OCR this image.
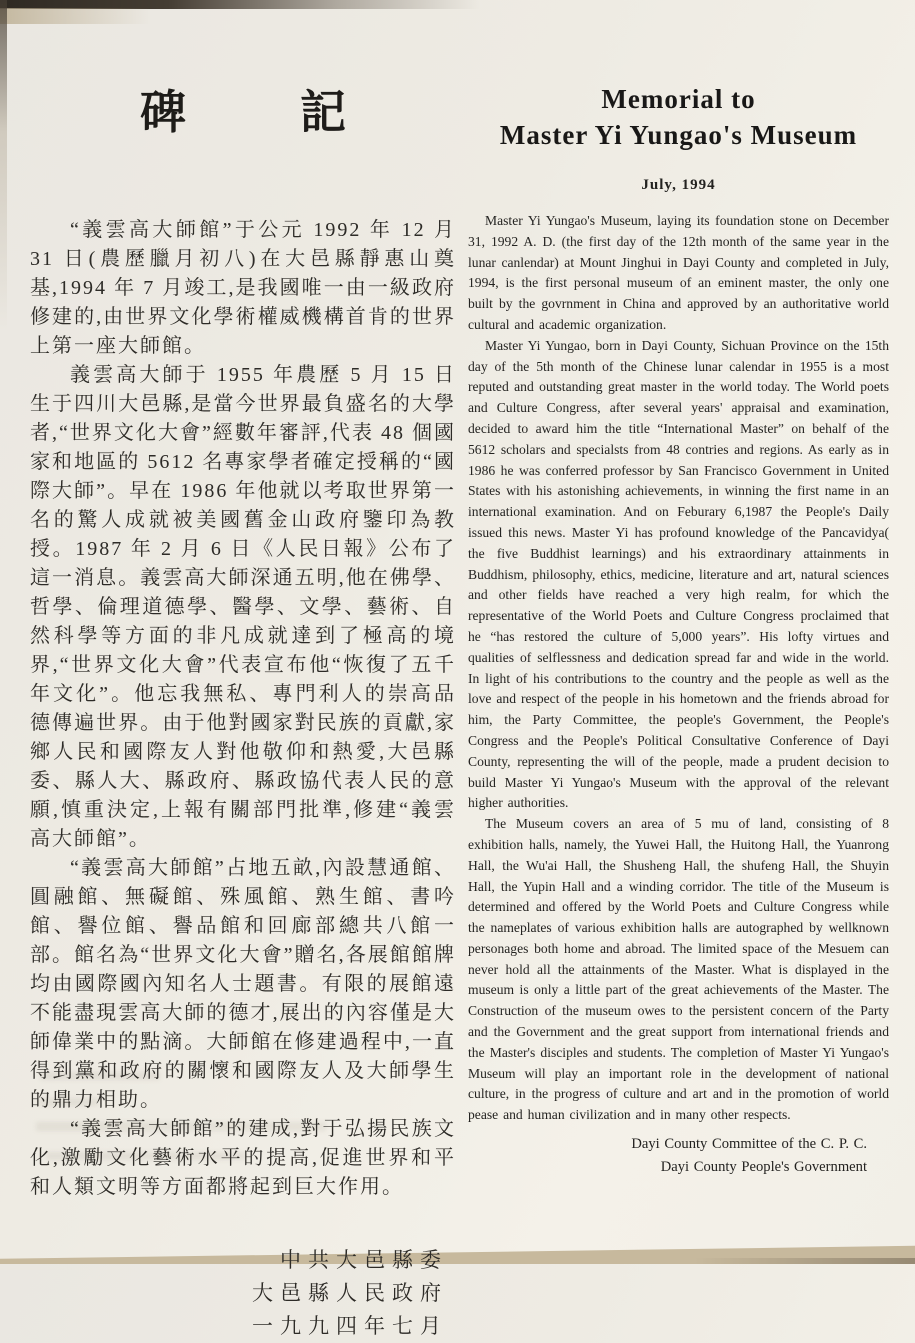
碑　記

“義雲高大師館”于公元 1992 年 12 月 31 日(農歷臘月初八)在大邑縣靜惠山奠基,1994 年 7 月竣工,是我國唯一由一級政府修建的,由世界文化學術權威機構首肯的世界上第一座大師館。

義雲高大師于 1955 年農歷 5 月 15 日生于四川大邑縣,是當今世界最負盛名的大學者,“世界文化大會”經數年審評,代表 48 個國家和地區的 5612 名專家學者確定授稱的“國際大師”。早在 1986 年他就以考取世界第一名的驚人成就被美國舊金山政府鑒印為教授。1987 年 2 月 6 日《人民日報》公布了這一消息。義雲高大師深通五明,他在佛學、哲學、倫理道德學、醫學、文學、藝術、自然科學等方面的非凡成就達到了極高的境界,“世界文化大會”代表宣布他“恢復了五千年文化”。他忘我無私、專門利人的崇高品德傳遍世界。由于他對國家對民族的貢獻,家鄉人民和國際友人對他敬仰和熱愛,大邑縣委、縣人大、縣政府、縣政協代表人民的意願,慎重決定,上報有關部門批準,修建“義雲高大師館”。

“義雲高大師館”占地五畝,內設慧通館、圓融館、無礙館、殊風館、熟生館、書吟館、譽位館、譽品館和回廊部總共八館一部。館名為“世界文化大會”贈名,各展館館牌均由國際國內知名人士題書。有限的展館遠不能盡現雲高大師的德才,展出的內容僅是大師偉業中的點滴。大師館在修建過程中,一直得到黨和政府的關懷和國際友人及大師學生的鼎力相助。

“義雲高大師館”的建成,對于弘揚民族文化,激勵文化藝術水平的提高,促進世界和平和人類文明等方面都將起到巨大作用。

中共大邑縣委
大邑縣人民政府
一九九四年七月
Memorial to
Master Yi Yungao's Museum
July, 1994

Master Yi Yungao's Museum, laying its foundation stone on December 31, 1992 A. D. (the first day of the 12th month of the same year in the lunar canlendar) at Mount Jinghui in Dayi County and completed in July, 1994, is the first personal museum of an eminent master, the only one built by the govrnment in China and approved by an authoritative world cultural and academic organization.

Master Yi Yungao, born in Dayi County, Sichuan Province on the 15th day of the 5th month of the Chinese lunar calendar in 1955 is a most reputed and outstanding great master in the world today. The World poets and Culture Congress, after several years' appraisal and examination, decided to award him the title “International Master” on behalf of the 5612 scholars and specialsts from 48 contries and regions. As early as in 1986 he was conferred professor by San Francisco Government in United States with his astonishing achievements, in winning the first name in an international examination. And on Feburary 6,1987 the People's Daily issued this news. Master Yi has profound knowledge of the Pancavidya( the five Buddhist learnings) and his extraordinary attainments in Buddhism, philosophy, ethics, medicine, literature and art, natural sciences and other fields have reached a very high realm, for which the representative of the World Poets and Culture Congress proclaimed that he “has restored the culture of 5,000 years”. His lofty virtues and qualities of selflessness and dedication spread far and wide in the world. In light of his contributions to the country and the people as well as the love and respect of the people in his hometown and the friends abroad for him, the Party Committee, the people's Government, the People's Congress and the People's Political Consultative Conference of Dayi County, representing the will of the people, made a prudent decision to build Master Yi Yungao's Museum with the approval of the relevant higher authorities.

The Museum covers an area of 5 mu of land, consisting of 8 exhibition halls, namely, the Yuwei Hall, the Huitong Hall, the Yuanrong Hall, the Wu'ai Hall, the Shusheng Hall, the shufeng Hall, the Shuyin Hall, the Yupin Hall and a winding corridor. The title of the Museum is determined and offered by the World Poets and Culture Congress while the nameplates of various exhibition halls are autographed by wellknown personages both home and abroad. The limited space of the Mesuem can never hold all the attainments of the Master. What is displayed in the museum is only a little part of the great achievements of the Master. The Construction of the museum owes to the persistent concern of the Party and the Government and the great support from international friends and the Master's disciples and students. The completion of Master Yi Yungao's Museum will play an important role in the development of national culture, in the progress of culture and art and in the promotion of world pease and human civilization and in many other respects.

Dayi County Committee of the C. P. C.
Dayi County People's Government
